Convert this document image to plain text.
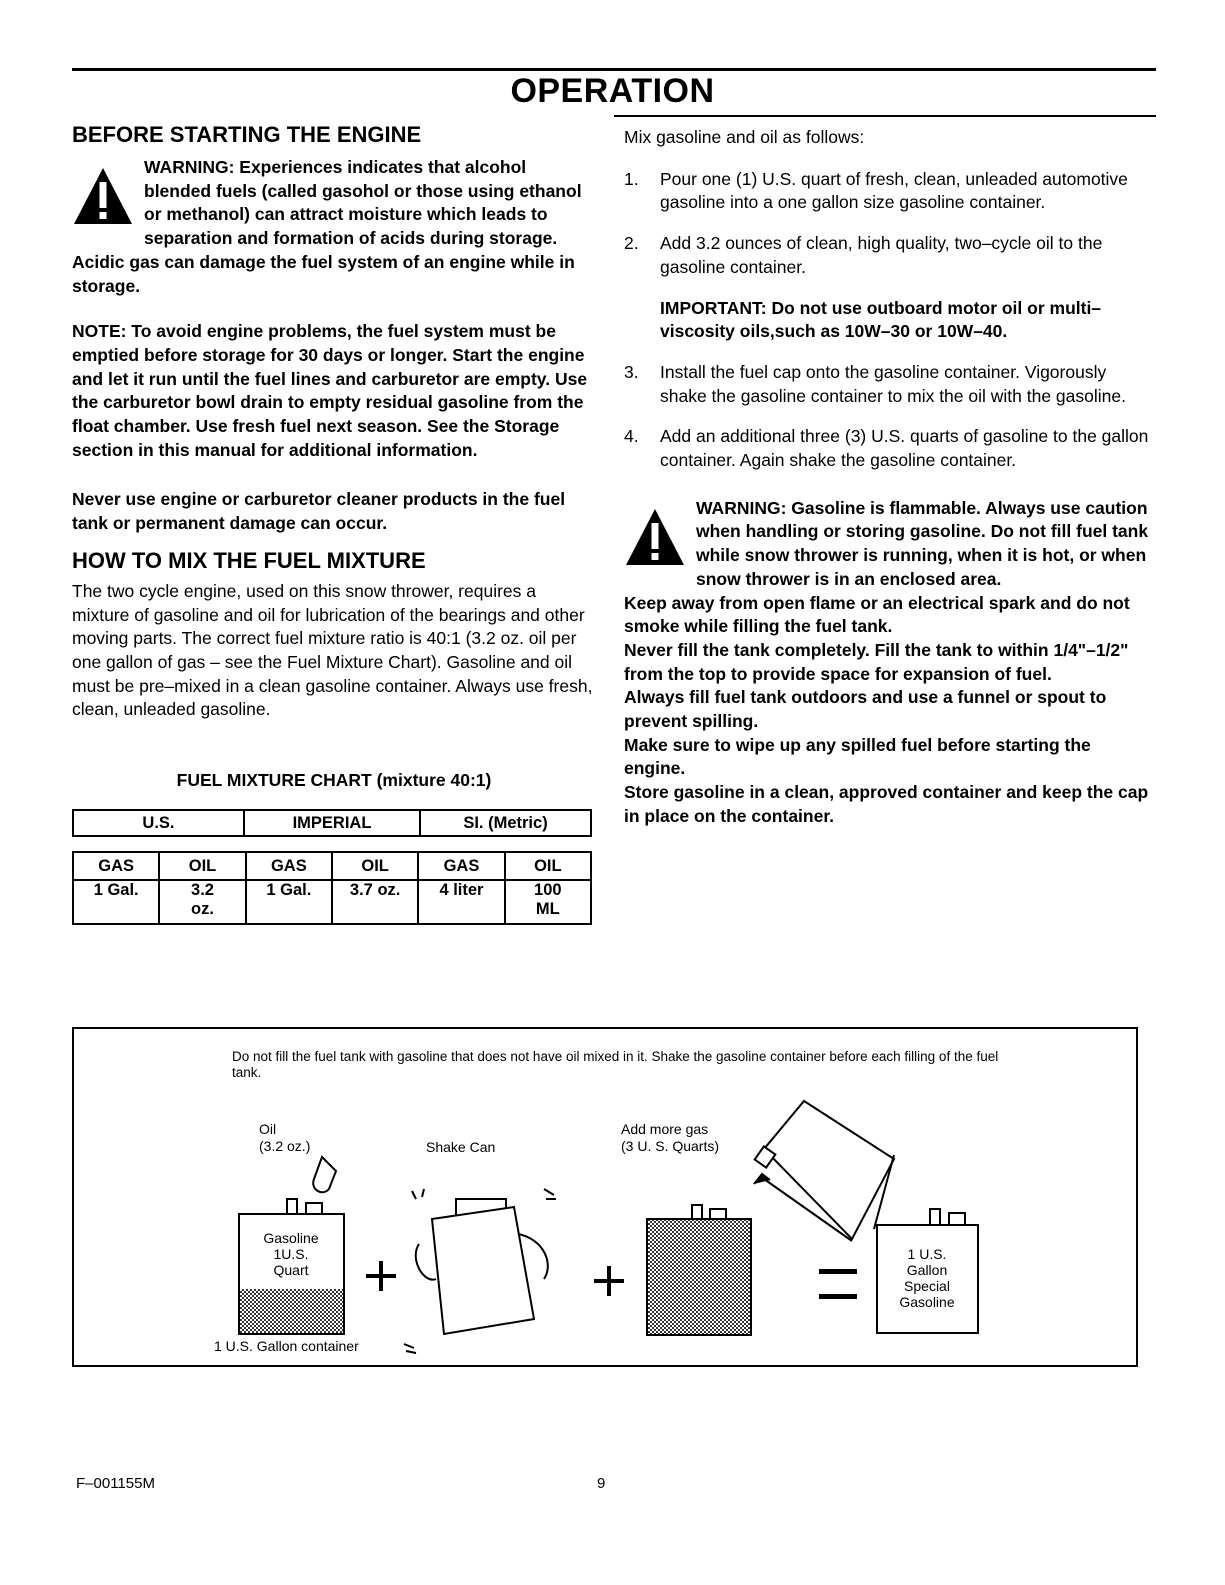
OPERATION
BEFORE STARTING THE ENGINE

WARNING: Experiences indicates that alcohol blended fuels (called gasohol or those using ethanol or methanol) can attract moisture which leads to separation and formation of acids during storage. Acidic gas can damage the fuel system of an engine while in storage.

NOTE: To avoid engine problems, the fuel system must be emptied before storage for 30 days or longer. Start the engine and let it run until the fuel lines and carburetor are empty. Use the carburetor bowl drain to empty residual gasoline from the float chamber. Use fresh fuel next season. See the Storage section in this manual for additional information.

Never use engine or carburetor cleaner products in the fuel tank or permanent damage can occur.

HOW TO MIX THE FUEL MIXTURE

The two cycle engine, used on this snow thrower, requires a mixture of gasoline and oil for lubrication of the bearings and other moving parts. The correct fuel mixture ratio is 40:1 (3.2 oz. oil per one gallon of gas – see the Fuel Mixture Chart). Gasoline and oil must be pre–mixed in a clean gasoline container. Always use fresh, clean, unleaded gasoline.

FUEL MIXTURE CHART (mixture 40:1)

U.S.	IMPERIAL	SI. (Metric)
GAS	OIL	GAS	OIL	GAS	OIL
1 Gal.	3.2 oz.	1 Gal.	3.7 oz.	4 liter	100 ML

Mix gasoline and oil as follows:

1. Pour one (1) U.S. quart of fresh, clean, unleaded automotive gasoline into a one gallon size gasoline container.
2. Add 3.2 ounces of clean, high quality, two–cycle oil to the gasoline container.
IMPORTANT: Do not use outboard motor oil or multi–viscosity oils,such as 10W–30 or 10W–40.
3. Install the fuel cap onto the gasoline container. Vigorously shake the gasoline container to mix the oil with the gasoline.
4. Add an additional three (3) U.S. quarts of gasoline to the gallon container. Again shake the gasoline container.

WARNING: Gasoline is flammable. Always use caution when handling or storing gasoline. Do not fill fuel tank while snow thrower is running, when it is hot, or when snow thrower is in an enclosed area.

Keep away from open flame or an electrical spark and do not smoke while filling the fuel tank.

Never fill the tank completely. Fill the tank to within 1/4"–1/2" from the top to provide space for expansion of fuel.

Always fill fuel tank outdoors and use a funnel or spout to prevent spilling.

Make sure to wipe up any spilled fuel before starting the engine.

Store gasoline in a clean, approved container and keep the cap in place on the container.

Do not fill the fuel tank with gasoline that does not have oil mixed in it. Shake the gasoline container before each filling of the fuel tank.
Oil
(3.2 oz.)	Shake Can
Add more gas
(3 U. S. Quarts)
Gasoline
1U.S.
Quart
1 U.S. Gallon container
1 U.S.
Gallon
Special
Gasoline
F–001155M	9
